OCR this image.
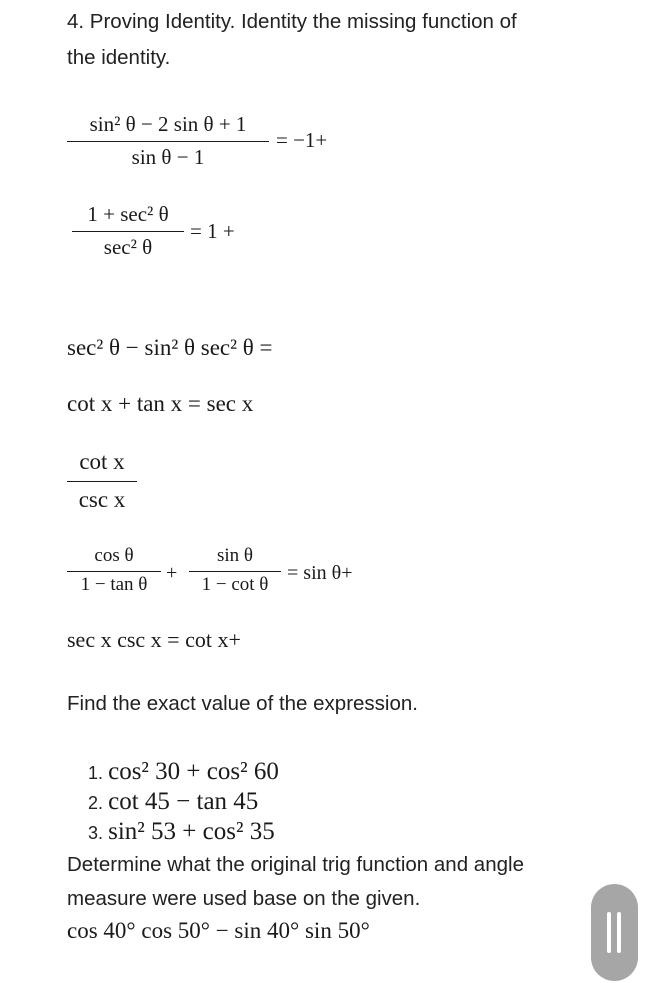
4. Proving Identity. Identity the missing function of
the identity.
sin² θ − 2 sin θ + 1
sin θ − 1
= −1+
1 + sec² θ
sec² θ
= 1 +
sec² θ − sin² θ sec² θ =
cot x + tan x = sec x
cot x
csc x
cos θ
1 − tan θ
+
sin θ
1 − cot θ
= sin θ+
sec x csc x = cot x+
Find the exact value of the expression.
1. cos² 30 + cos² 60
2. cot 45 − tan 45
3. sin² 53 + cos² 35
Determine what the original trig function and angle
measure were used base on the given.
cos 40° cos 50° − sin 40° sin 50°
